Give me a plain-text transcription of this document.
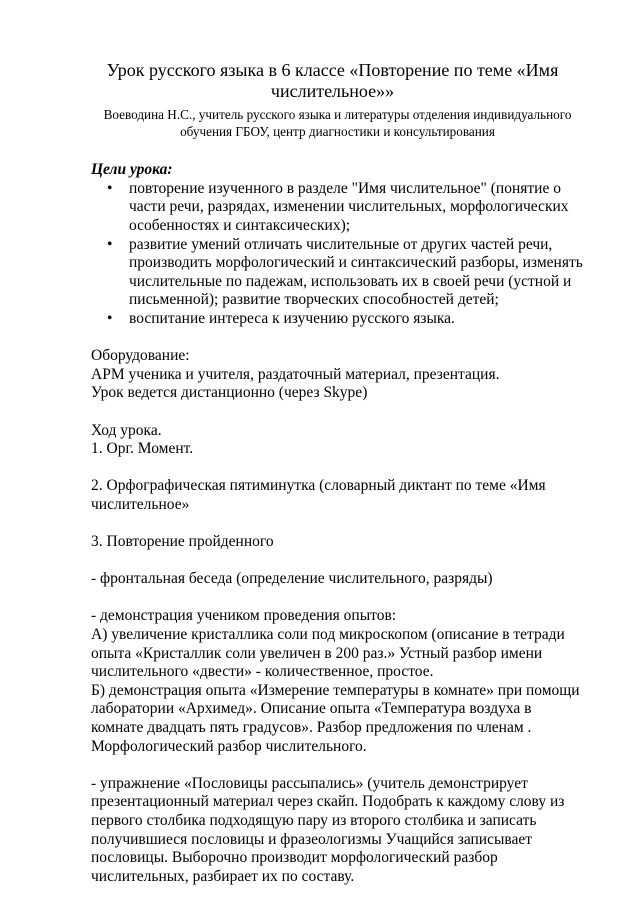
Урок русского языка в 6 классе «Повторение по теме «Имя числительное»»
Воеводина Н.С., учитель русского языка и литературы отделения индивидуального обучения ГБОУ, центр диагностики и консультирования
Цели урока:
• повторение изученного в разделе "Имя числительное" (понятие о части речи, разрядах, изменении числительных, морфологических особенностях и синтаксических);
• развитие умений отличать числительные от других частей речи, производить морфологический и синтаксический разборы, изменять числительные по падежам, использовать их в своей речи (устной и письменной); развитие творческих способностей детей;
• воспитание интереса к изучению русского языка.

Оборудование:

АРМ ученика и учителя, раздаточный материал, презентация.

Урок ведется дистанционно (через Skype)

Ход урока.

1. Орг. Момент.

2. Орфографическая пятиминутка (словарный диктант по теме «Имя числительное»

3. Повторение пройденного

- фронтальная беседа (определение числительного, разряды)

- демонстрация учеником проведения опытов:

А) увеличение кристаллика соли под микроскопом (описание в тетради опыта «Кристаллик соли увеличен в 200 раз.» Устный разбор имени числительного «двести» - количественное, простое.

Б) демонстрация опыта «Измерение температуры в комнате» при помощи лаборатории «Архимед». Описание опыта «Температура воздуха в комнате двадцать пять градусов». Разбор предложения по членам . Морфологический разбор числительного.

- упражнение «Пословицы рассыпались» (учитель демонстрирует презентационный материал через скайп. Подобрать к каждому слову из первого столбика подходящую пару из второго столбика и записать получившиеся пословицы и фразеологизмы Учащийся записывает пословицы. Выборочно производит морфологический разбор числительных, разбирает их по составу.
